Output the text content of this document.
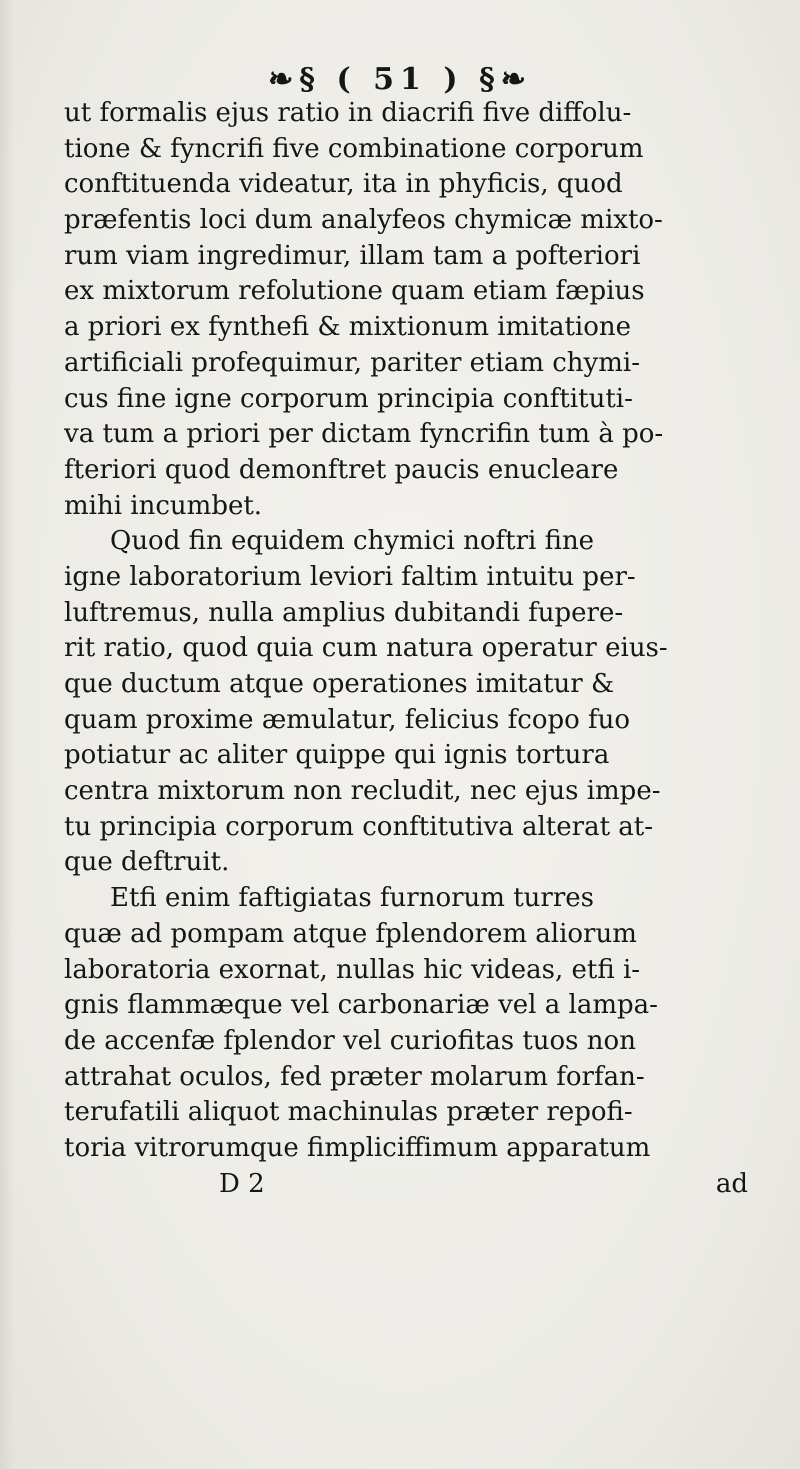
❧§ ( 51 ) §❧
ut formalis ejus ratio in diacrifi five diffolu-
tione & fyncrifi five combinatione corporum
conftituenda videatur, ita in phyficis, quod
præfentis loci dum analyfeos chymicæ mixto-
rum viam ingredimur, illam tam a pofteriori
ex mixtorum refolutione quam etiam fæpius
a priori ex fynthefi & mixtionum imitatione
artificiali profequimur, pariter etiam chymi-
cus fine igne corporum principia conftituti-
va tum a priori per dictam fyncrifin tum à po-
fteriori quod demonftret paucis enucleare
mihi incumbet.
Quod fin equidem chymici noftri fine
igne laboratorium leviori faltim intuitu per-
luftremus, nulla amplius dubitandi fupere-
rit ratio, quod quia cum natura operatur eius-
que ductum atque operationes imitatur &
quam proxime æmulatur, felicius fcopo fuo
potiatur ac aliter quippe qui ignis tortura
centra mixtorum non recludit, nec ejus impe-
tu principia corporum conftitutiva alterat at-
que deftruit.
Etfi enim faftigiatas furnorum turres
quæ ad pompam atque fplendorem aliorum
laboratoria exornat, nullas hic videas, etfi i-
gnis flammæque vel carbonariæ vel a lampa-
de accenfæ fplendor vel curiofitas tuos non
attrahat oculos, fed præter molarum forfan-
terufatili aliquot machinulas præter repofi-
toria vitrorumque fimpliciffimum apparatum
D 2	ad
